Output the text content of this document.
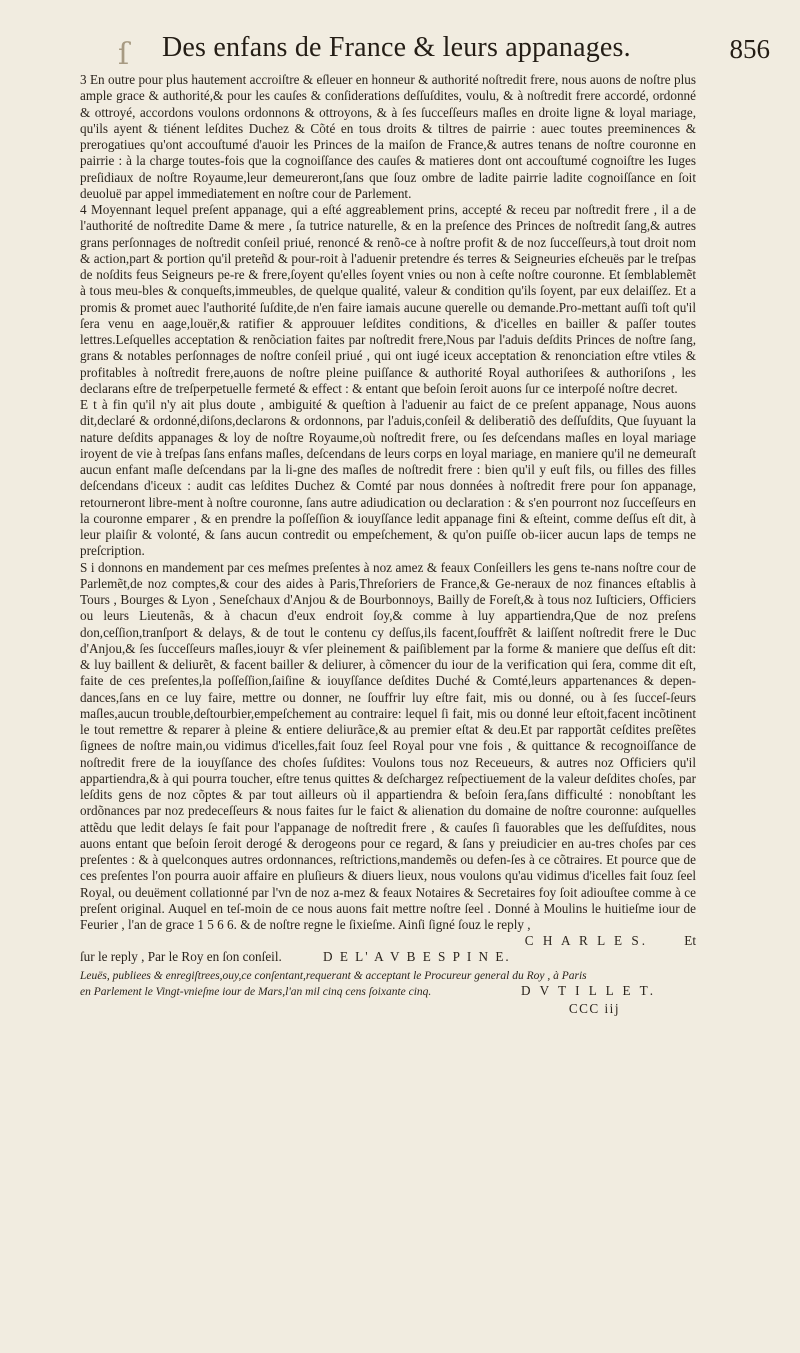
ſ Des enfans de France & leurs appanages.	856

3 En outre pour plus hautement accroiſtre & eſleuer en honneur & authorité noſtredit frere, nous auons de noſtre plus ample grace & authorité,& pour les cauſes & conſiderations deſſuſdites, voulu, & à noſtredit frere accordé, ordonné & ottroyé, accordons voulons ordonnons & ottroyons, & à ſes ſucceſſeurs maſles en droite ligne & loyal mariage, qu'ils ayent & tiénent leſdites Duchez & Cõté en tous droits & tiltres de pairrie : auec toutes preeminences & prerogatiues qu'ont accouſtumé d'auoir les Princes de la maiſon de France,& autres tenans de noſtre couronne en pairrie : à la charge toutes-fois que la cognoiſſance des cauſes & matieres dont ont accouſtumé cognoiſtre les Iuges preſidiaux de noſtre Royaume,leur demeureront,ſans que ſouz ombre de ladite pairrie ladite cognoiſſance en ſoit deuoluë par appel immediatement en noſtre cour de Parlement.

4 Moyennant lequel preſent appanage, qui a eſté aggreablement prins, accepté & receu par noſtredit frere , il a de l'authorité de noſtredite Dame & mere , ſa tutrice naturelle, & en la preſence des Princes de noſtredit ſang,& autres grans perſonnages de noſtredit conſeil priué, renoncé & renõ-ce à noſtre profit & de noz ſucceſſeurs,à tout droit nom & action,part & portion qu'il preteñd & pour-roit à l'aduenir pretendre és terres & Seigneuries eſcheuës par le treſpas de noſdits feus Seigneurs pe-re & frere,ſoyent qu'elles ſoyent vnies ou non à ceſte noſtre couronne. Et ſemblablemẽt à tous meu-bles & conqueſts,immeubles, de quelque qualité, valeur & condition qu'ils ſoyent, par eux delaiſſez. Et a promis & promet auec l'authorité ſuſdite,de n'en faire iamais aucune querelle ou demande.Pro-mettant auſſi toſt qu'il ſera venu en aage,louër,& ratifier & approuuer leſdites conditions, & d'icelles en bailler & paſſer toutes lettres.Leſquelles acceptation & renõciation faites par noſtredit frere,Nous par l'aduis deſdits Princes de noſtre ſang, grans & notables perſonnages de noſtre conſeil priué , qui ont iugé iceux acceptation & renonciation eſtre vtiles & profitables à noſtredit frere,auons de noſtre pleine puiſſance & authorité Royal authoriſees & authoriſons , les declarans eſtre de treſperpetuelle fermeté & effect : & entant que beſoin ſeroit auons ſur ce interpoſé noſtre decret.

E t à fin qu'il n'y ait plus doute , ambiguité & queſtion à l'aduenir au faict de ce preſent appanage, Nous auons dit,declaré & ordonné,diſons,declarons & ordonnons, par l'aduis,conſeil & deliberatiõ des deſſuſdits, Que ſuyuant la nature deſdits appanages & loy de noſtre Royaume,où noſtredit frere, ou ſes deſcendans maſles en loyal mariage iroyent de vie à treſpas ſans enfans maſles, deſcendans de leurs corps en loyal mariage, en maniere qu'il ne demeuraſt aucun enfant maſle deſcendans par la li-gne des maſles de noſtredit frere : bien qu'il y euſt fils, ou filles des filles deſcendans d'iceux : audit cas leſdites Duchez & Comté par nous données à noſtredit frere pour ſon appanage, retourneront libre-ment à noſtre couronne, ſans autre adiudication ou declaration : & s'en pourront noz ſucceſſeurs en la couronne emparer , & en prendre la poſſeſſion & iouyſſance ledit appanage fini & eſteint, comme deſſus eſt dit, à leur plaiſir & volonté, & ſans aucun contredit ou empeſchement, & qu'on puiſſe ob-iicer aucun laps de temps ne preſcription.

S i donnons en mandement par ces meſmes preſentes à noz amez & feaux Conſeillers les gens te-nans noſtre cour de Parlemẽt,de noz comptes,& cour des aides à Paris,Threſoriers de France,& Ge-neraux de noz finances eſtablis à Tours , Bourges & Lyon , Seneſchaux d'Anjou & de Bourbonnoys, Bailly de Foreſt,& à tous noz Iuſticiers, Officiers ou leurs Lieutenãs, & à chacun d'eux endroit ſoy,& comme à luy appartiendra,Que de noz preſens don,ceſſion,tranſport & delays, & de tout le contenu cy deſſus,ils facent,ſouffrẽt & laiſſent noſtredit frere le Duc d'Anjou,& ſes ſucceſſeurs maſles,iouyr & vſer pleinement & paiſiblement par la forme & maniere que deſſus eſt dit: & luy baillent & deliurẽt, & facent bailler & deliurer, à cõmencer du iour de la verification qui ſera, comme dit eſt, faite de ces preſentes,la poſſeſſion,ſaiſine & iouyſſance deſdites Duché & Comté,leurs appartenances & depen-dances,ſans en ce luy faire, mettre ou donner, ne ſouffrir luy eſtre fait, mis ou donné, ou à ſes ſucceſ-ſeurs maſles,aucun trouble,deſtourbier,empeſchement au contraire: lequel ſi fait, mis ou donné leur eſtoit,facent incõtinent le tout remettre & reparer à pleine & entiere deliurãce,& au premier eſtat & deu.Et par rapportãt ceſdites preſẽtes ſignees de noſtre main,ou vidimus d'icelles,fait ſouz ſeel Royal pour vne fois , & quittance & recognoiſſance de noſtredit frere de la iouyſſance des choſes ſuſdites: Voulons tous noz Receueurs, & autres noz Officiers qu'il appartiendra,& à qui pourra toucher, eſtre tenus quittes & deſchargez reſpectiuement de la valeur deſdites choſes, par leſdits gens de noz cõptes & par tout ailleurs où il appartiendra & beſoin ſera,ſans difficulté : nonobſtant les ordõnances par noz predeceſſeurs & nous faites ſur le faict & alienation du domaine de noſtre couronne: auſquelles attẽdu que ledit delays ſe fait pour l'appanage de noſtredit frere , & cauſes ſi fauorables que les deſſuſdites, nous auons entant que beſoin ſeroit derogé & derogeons pour ce regard, & ſans y preiudicier en au-tres choſes par ces preſentes : & à quelconques autres ordonnances, reſtrictions,mandemẽs ou defen-ſes à ce cõtraires. Et pource que de ces preſentes l'on pourra auoir affaire en pluſieurs & diuers lieux, nous voulons qu'au vidimus d'icelles fait ſouz ſeel Royal, ou deuëment collationné par l'vn de noz a-mez & feaux Notaires & Secretaires foy ſoit adiouſtee comme à ce preſent original. Auquel en teſ-moin de ce nous auons fait mettre noſtre ſeel . Donné à Moulins le huitieſme iour de Feurier , l'an de grace 1 5 6 6. & de noſtre regne le ſixieſme. Ainſi ſigné ſouz le reply ,

C H A R L E S.	Et
ſur le reply , Par le Roy en ſon conſeil.	D E L' A V B E S P I N E.
Leuës, publiees & enregiſtrees,ouy,ce conſentant,requerant & acceptant le Procureur general du Roy , à Paris
en Parlement le Vingt-vnieſme iour de Mars,l'an mil cinq cens ſoixante cinq.	D V T I L L E T.
CCC iij
